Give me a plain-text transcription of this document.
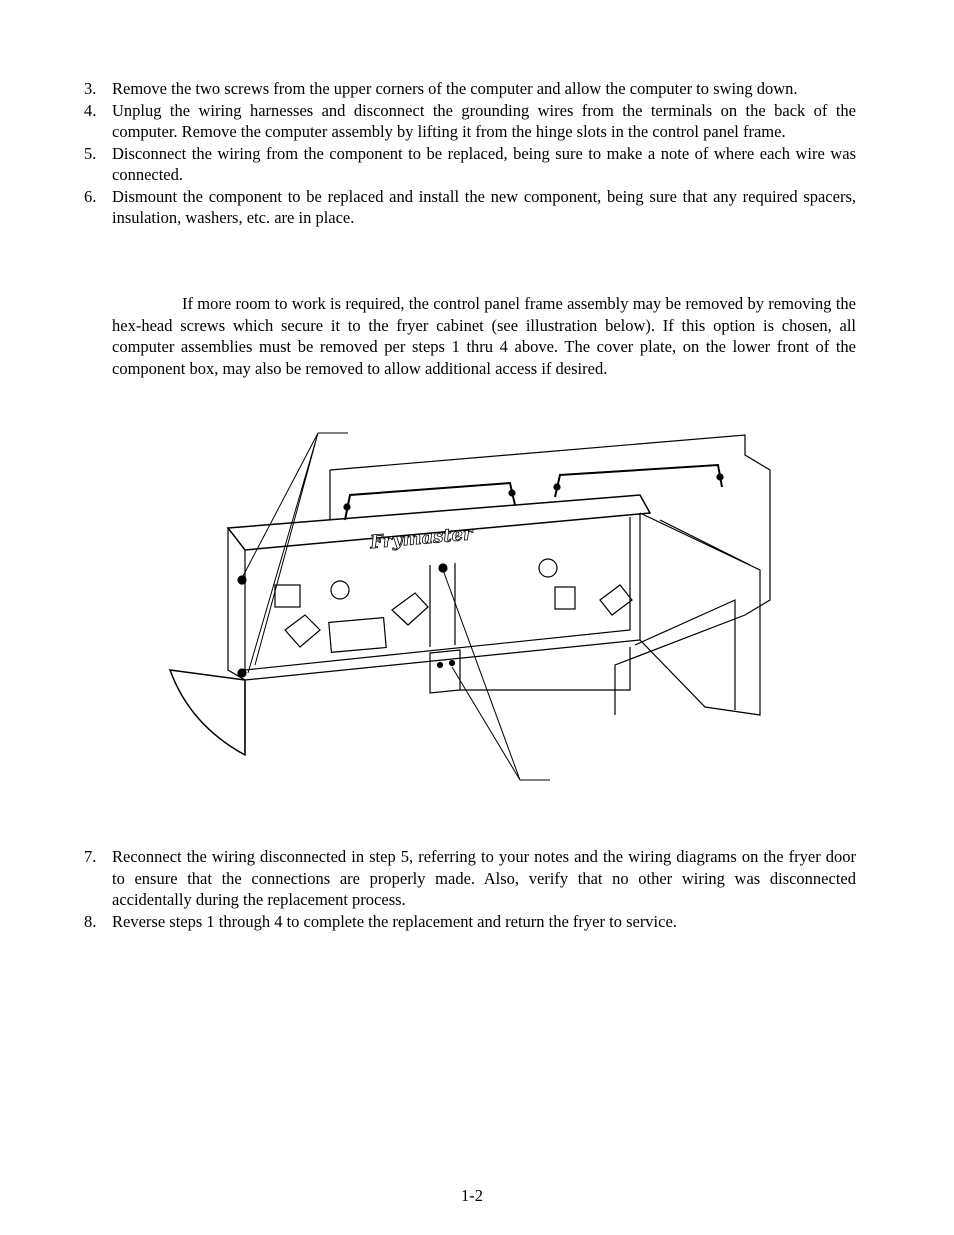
3. Remove the two screws from the upper corners of the computer and allow the computer to swing down.
4. Unplug the wiring harnesses and disconnect the grounding wires from the terminals on the back of the computer. Remove the computer assembly by lifting it from the hinge slots in the control panel frame.
5. Disconnect the wiring from the component to be replaced, being sure to make a note of where each wire was connected.
6. Dismount the component to be replaced and install the new component, being sure that any required spacers, insulation, washers, etc. are in place.

If more room to work is required, the control panel frame assembly may be removed by removing the hex-head screws which secure it to the fryer cabinet (see illustration below). If this option is chosen, all computer assemblies must be removed per steps 1 thru 4 above. The cover plate, on the lower front of the component box, may also be removed to allow additional access if desired.

Frymaster
7. Reconnect the wiring disconnected in step 5, referring to your notes and the wiring diagrams on the fryer door to ensure that the connections are properly made. Also, verify that no other wiring was disconnected accidentally during the replacement process.
8. Reverse steps 1 through 4 to complete the replacement and return the fryer to service.
1-2
